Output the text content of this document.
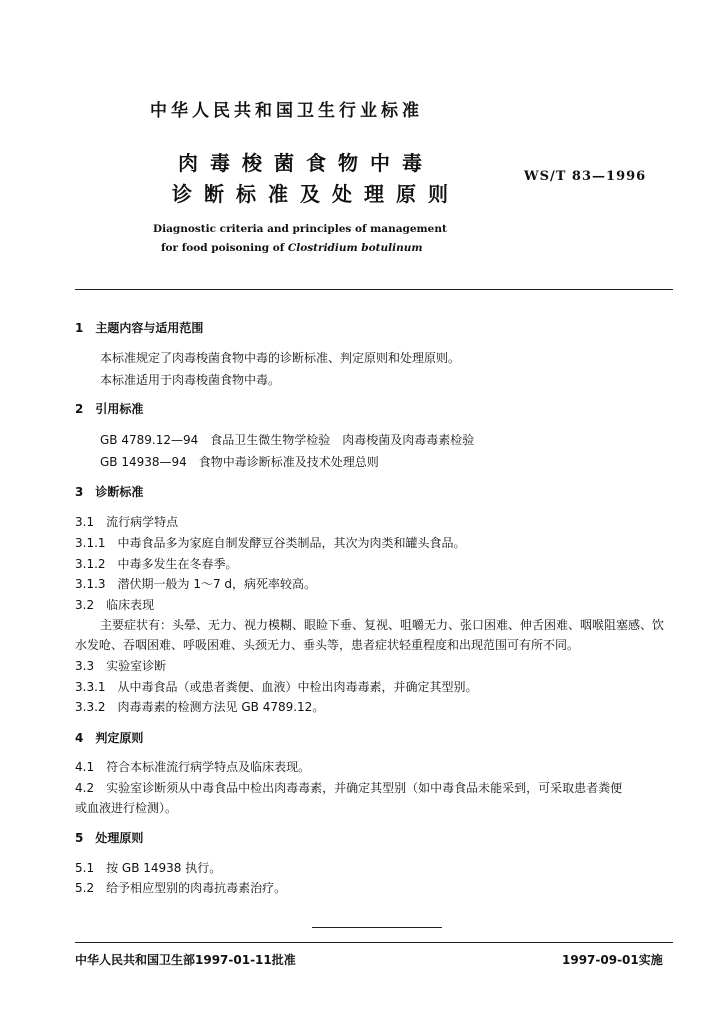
中华人民共和国卫生行业标准
肉毒梭菌食物中毒
诊断标准及处理原则
WS/T 83—1996
Diagnostic criteria and principles of management
for food poisoning of Clostridium botulinum
1　主题内容与适用范围
本标准规定了肉毒梭菌食物中毒的诊断标准、判定原则和处理原则。
本标准适用于肉毒梭菌食物中毒。
2　引用标准
GB 4789.12—94　食品卫生微生物学检验　肉毒梭菌及肉毒毒素检验
GB 14938—94　食物中毒诊断标准及技术处理总则
3　诊断标准
3.1　流行病学特点
3.1.1　中毒食品多为家庭自制发酵豆谷类制品，其次为肉类和罐头食品。
3.1.2　中毒多发生在冬春季。
3.1.3　潜伏期一般为 1～7 d，病死率较高。
3.2　临床表现
主要症状有：头晕、无力、视力模糊、眼睑下垂、复视、咀嚼无力、张口困难、伸舌困难、咽喉阻塞感、饮
水发呛、吞咽困难、呼吸困难、头颈无力、垂头等，患者症状轻重程度和出现范围可有所不同。
3.3　实验室诊断
3.3.1　从中毒食品（或患者粪便、血液）中检出肉毒毒素，并确定其型别。
3.3.2　肉毒毒素的检测方法见 GB 4789.12。
4　判定原则
4.1　符合本标准流行病学特点及临床表现。
4.2　实验室诊断须从中毒食品中检出肉毒毒素，并确定其型别（如中毒食品未能采到，可采取患者粪便
或血液进行检测）。
5　处理原则
5.1　按 GB 14938 执行。
5.2　给予相应型别的肉毒抗毒素治疗。
中华人民共和国卫生部1997-01-11批准	1997-09-01实施
